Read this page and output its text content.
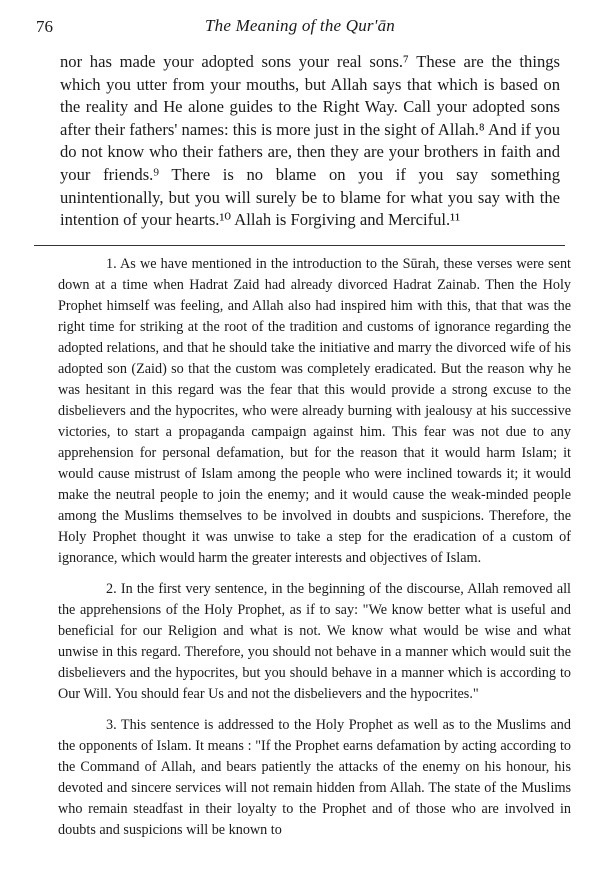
76	The Meaning of the Qur'ān

nor has made your adopted sons your real sons.⁷ These are the things which you utter from your mouths, but Allah says that which is based on the reality and He alone guides to the Right Way. Call your adopted sons after their fathers' names: this is more just in the sight of Allah.⁸ And if you do not know who their fathers are, then they are your brothers in faith and your friends.⁹ There is no blame on you if you say something unintentionally, but you will surely be to blame for what you say with the intention of your hearts.¹⁰ Allah is Forgiving and Merciful.¹¹

1. As we have mentioned in the introduction to the Sūrah, these verses were sent down at a time when Hadrat Zaid had already divorced Hadrat Zainab. Then the Holy Prophet himself was feeling, and Allah also had inspired him with this, that that was the right time for striking at the root of the tradition and customs of ignorance regarding the adopted relations, and that he should take the initiative and marry the divorced wife of his adopted son (Zaid) so that the custom was completely eradicated. But the reason why he was hesitant in this regard was the fear that this would provide a strong excuse to the disbelievers and the hypocrites, who were already burning with jealousy at his successive victories, to start a propaganda campaign against him. This fear was not due to any apprehension for personal defamation, but for the reason that it would harm Islam; it would cause mistrust of Islam among the people who were inclined towards it; it would make the neutral people to join the enemy; and it would cause the weak-minded people among the Muslims themselves to be involved in doubts and suspicions. Therefore, the Holy Prophet thought it was unwise to take a step for the eradication of a custom of ignorance, which would harm the greater interests and objectives of Islam.

2. In the first very sentence, in the beginning of the discourse, Allah removed all the apprehensions of the Holy Prophet, as if to say: "We know better what is useful and beneficial for our Religion and what is not. We know what would be wise and what unwise in this regard. Therefore, you should not behave in a manner which would suit the disbelievers and the hypocrites, but you should behave in a manner which is according to Our Will. You should fear Us and not the disbelievers and the hypocrites."

3. This sentence is addressed to the Holy Prophet as well as to the Muslims and the opponents of Islam. It means : "If the Prophet earns defamation by acting according to the Command of Allah, and bears patiently the attacks of the enemy on his honour, his devoted and sincere services will not remain hidden from Allah. The state of the Muslims who remain steadfast in their loyalty to the Prophet and of those who are involved in doubts and suspicions will be known to
